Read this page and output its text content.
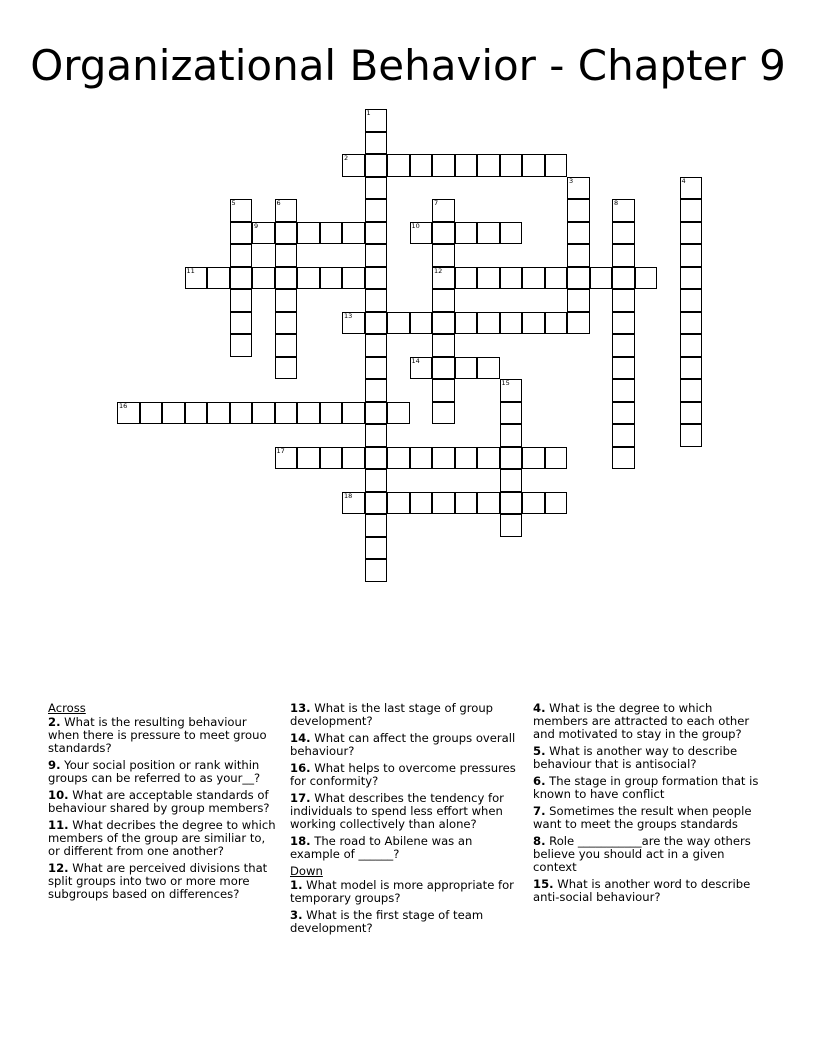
Organizational Behavior - Chapter 9
1
2
3	4
5	6	7
12
8
9	10
11
13
14
15
16
17
18
Across
2. What is the resulting behaviour when there is pressure to meet grouo standards?
9. Your social position or rank within groups can be referred to as your__?
10. What are acceptable standards of behaviour shared by group members?
11. What decribes the degree to which members of the group are similiar to, or different from one another?
12. What are perceived divisions that split groups into two or more more subgroups based on differences?
13. What is the last stage of group development?
14. What can affect the groups overall behaviour?
16. What helps to overcome pressures for conformity?
17. What describes the tendency for individuals to spend less effort when working collectively than alone?
18. The road to Abilene was an example of ______?
Down
1. What model is more appropriate for temporary groups?
3. What is the first stage of team development?
4. What is the degree to which members are attracted to each other and motivated to stay in the group?
5. What is another way to describe behaviour that is antisocial?
6. The stage in group formation that is known to have conflict
7. Sometimes the result when people want to meet the groups standards
8. Role ___________are the way others believe you should act in a given context
15. What is another word to describe anti-social behaviour?
